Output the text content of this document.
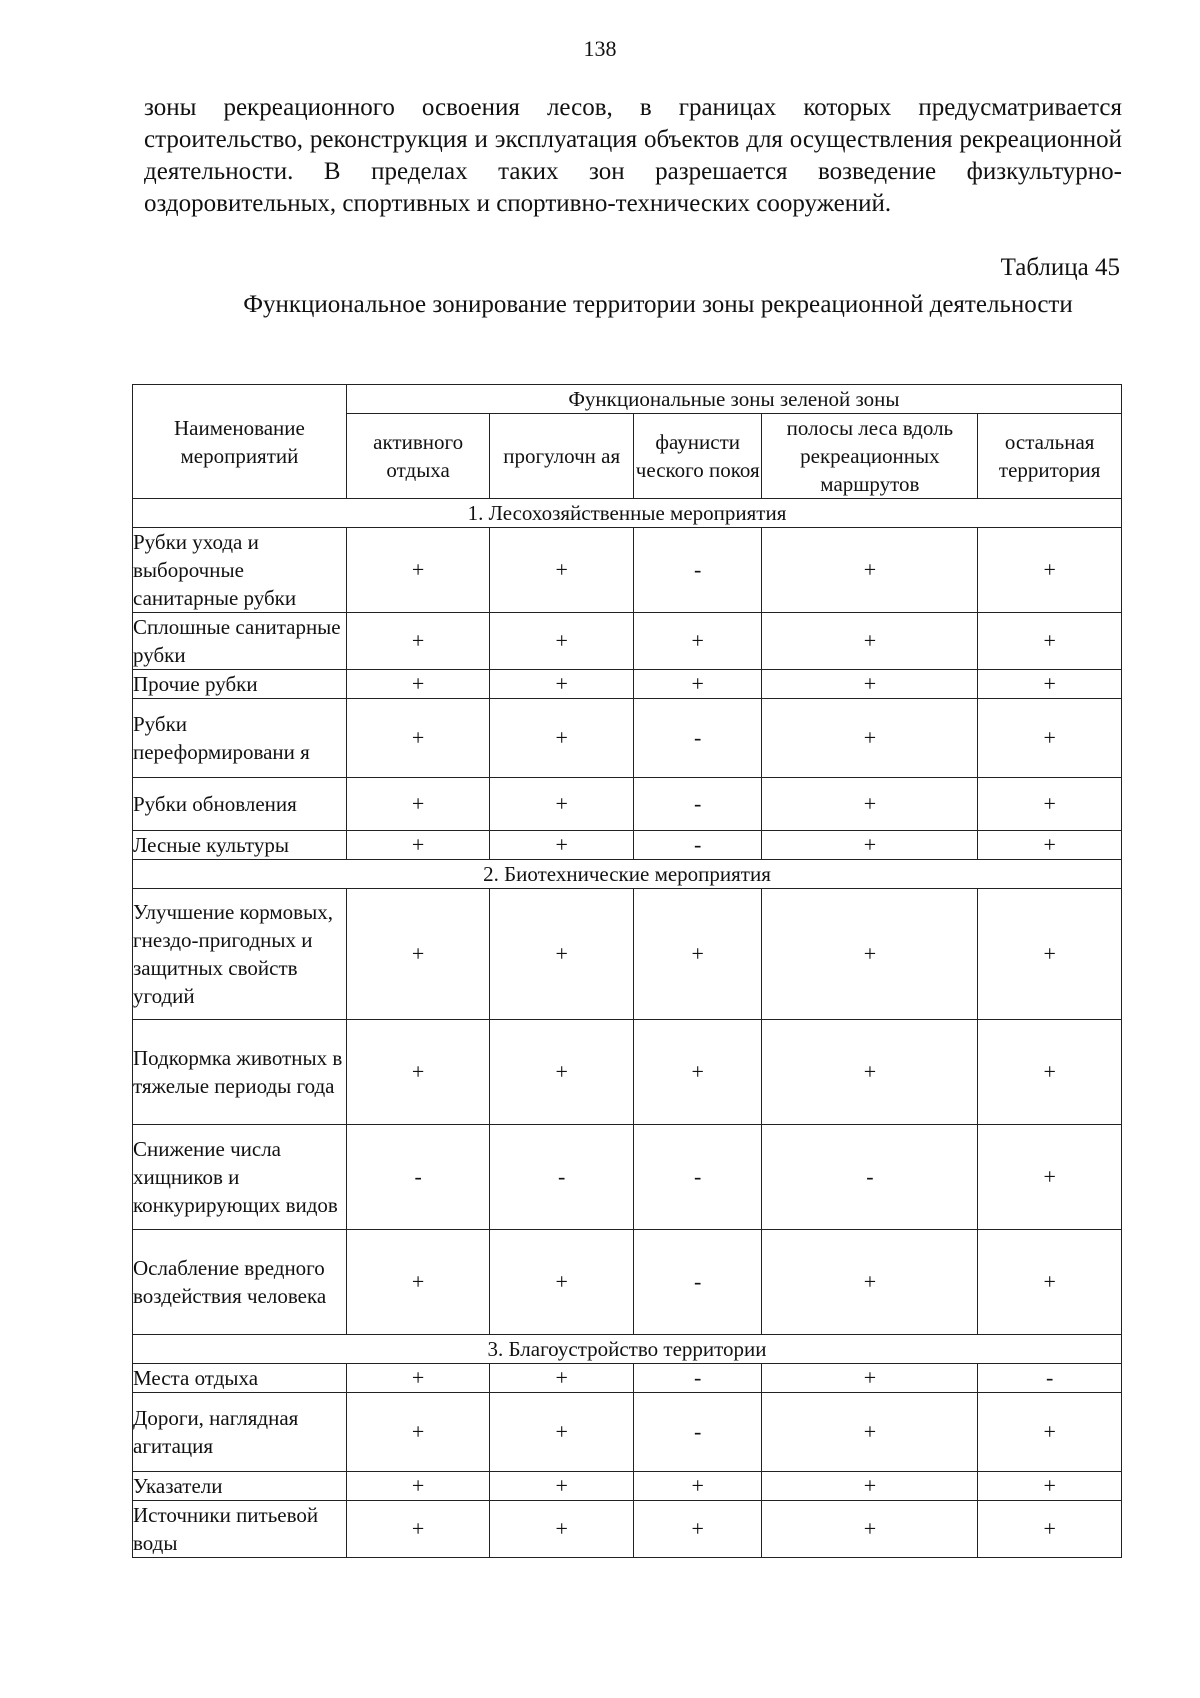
138

зоны рекреационного освоения лесов, в границах которых предусматривается строительство, реконструкция и эксплуатация объектов для осуществления рекреационной деятельности. В пределах таких зон разрешается возведение физкультурно-оздоровительных, спортивных и спортивно-технических сооружений.

Таблица 45
Функциональное зонирование территории зоны рекреационной деятельности
Наименование мероприятий	Функциональные зоны зеленой зоны				
	активного отдыха	прогулочн ая	фаунисти ческого покоя	полосы леса вдоль рекреационных маршрутов	остальная территория
1. Лесохозяйственные мероприятия					
Рубки ухода и выборочные санитарные рубки	+	+	-	+	+
Сплошные санитарные рубки	+	+	+	+	+
Прочие рубки	+	+	+	+	+
Рубки переформировани я	+	+	-	+	+
Рубки обновления	+	+	-	+	+
Лесные культуры	+	+	-	+	+
2. Биотехнические мероприятия					
Улучшение кормовых, гнездо-пригодных и защитных свойств угодий	+	+	+	+	+
Подкормка животных в тяжелые периоды года	+	+	+	+	+
Снижение числа хищников и конкурирующих видов	-	-	-	-	+
Ослабление вредного воздействия человека	+	+	-	+	+
3. Благоустройство территории					
Места отдыха	+	+	-	+	-
Дороги, наглядная агитация	+	+	-	+	+
Указатели	+	+	+	+	+
Источники питьевой воды	+	+	+	+	+
